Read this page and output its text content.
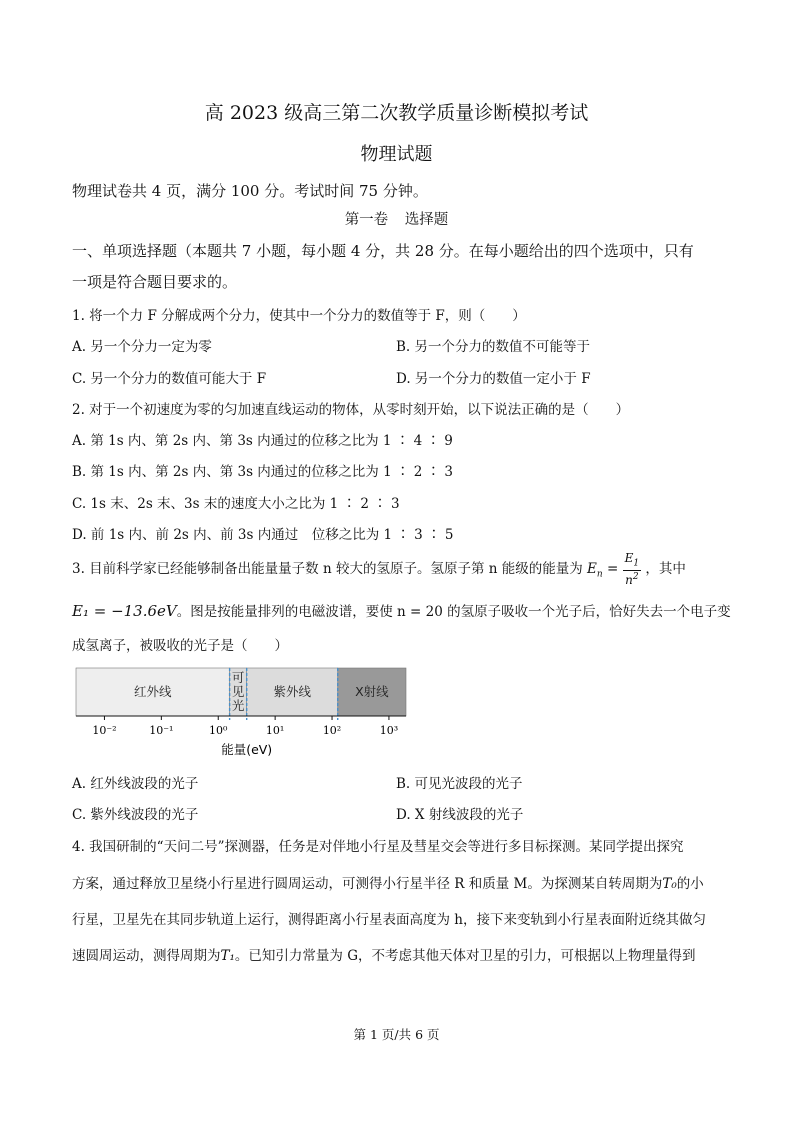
高 2023 级高三第二次教学质量诊断模拟考试
物理试题
物理试卷共 4 页，满分 100 分。考试时间 75 分钟。
第一卷 选择题
一、单项选择题（本题共 7 小题，每小题 4 分，共 28 分。在每小题给出的四个选项中，只有
一项是符合题目要求的。
1. 将一个力 F 分解成两个分力，使其中一个分力的数值等于 F，则（　　）
A. 另一个分力一定为零	B. 另一个分力的数值不可能等于
C. 另一个分力的数值可能大于 F	D. 另一个分力的数值一定小于 F
2. 对于一个初速度为零的匀加速直线运动的物体，从零时刻开始，以下说法正确的是（　　）
A. 第 1s 内、第 2s 内、第 3s 内通过的位移之比为 1 ∶ 4 ∶ 9
B. 第 1s 内、第 2s 内、第 3s 内通过的位移之比为 1 ∶ 2 ∶ 3
C. 1s 末、2s 末、3s 末的速度大小之比为 1 ∶ 2 ∶ 3
D. 前 1s 内、前 2s 内、前 3s 内通过　位移之比为 1 ∶ 3 ∶ 5
3. 目前科学家已经能够制备出能量量子数 n 较大的氢原子。氢原子第 n 能级的能量为 $E_n = \frac{E_1}{n^2}$ ，其中
E₁ = −13.6eV。图是按能量排列的电磁波谱，要使 n = 20 的氢原子吸收一个光子后，恰好失去一个电子变
成氢离子，被吸收的光子是（　　）
红外线
可见光
紫外线	X射线
10⁻²	10⁻¹	10⁰	10¹	10²	10³
能量(eV)
A. 红外线波段的光子	B. 可见光波段的光子
C. 紫外线波段的光子	D. X 射线波段的光子
4. 我国研制的“天问二号”探测器，任务是对伴地小行星及彗星交会等进行多目标探测。某同学提出探究
方案，通过释放卫星绕小行星进行圆周运动，可测得小行星半径 R 和质量 M。为探测某自转周期为T₀的小
行星，卫星先在其同步轨道上运行，测得距离小行星表面高度为 h，接下来变轨到小行星表面附近绕其做匀
速圆周运动，测得周期为T₁。已知引力常量为 G，不考虑其他天体对卫星的引力，可根据以上物理量得到
第 1 页/共 6 页
